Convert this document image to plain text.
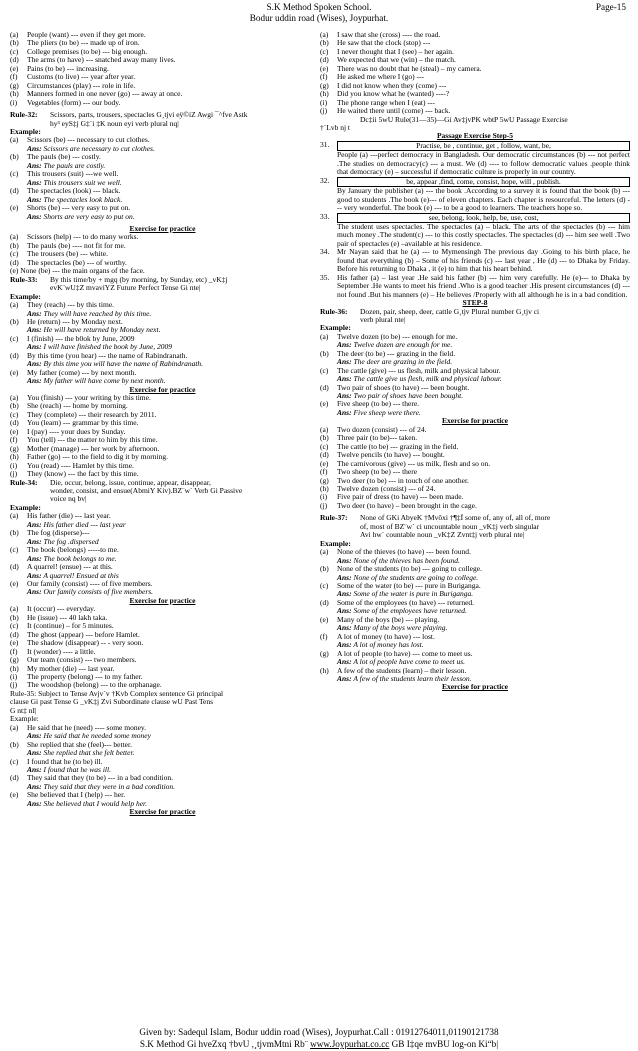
S.K Method Spoken School.
Bodur uddin road (Wises), Joypurhat.
Page-15
(a)	People (want) --- even if they get more.
(b)	The pliers (to be) --- made up of iron.
(c)	College premises (to be) --- big enough.
(d)	The arms (to have) --- snatched away many lives.
(e)	Pains (to be) --- increasing.
(f)	Customs (to live) --- year after year.
(g)	Circumstances (play) --- role in life.
(h)	Manners formed in one never (go) --- away at once.
(i)	Vegetables (form) --- our body.
Rule-32:	Scissors, parts, trousers, spectacles G¸tjvi eÿ©iZ Awgi ¯^fve Astk
hy³ eyS‡j G‡`i ‡K noun eyi verb plural nq|
Example:
(a)	Scissors (be) --- necessary to cut clothes.
Ans: Scissors are necessary to cut clothes.
(b)	The pauls (be) --- costly.
Ans: The pauls are costly.
(c)	This trousers (suit) ---we well.
Ans: This trousers suit we well.
(d)	The spectacles (look) --- black.
Ans: The spectacles look black.
(e)	Shorts (be) --- very easy to put on.
Ans: Shorts are very easy to put on.
Exercise for practice
(a)	Scissors (help) --- to do many works.
(b)	The pauls (be) ---- not fit for me.
(c)	The trousers (be) --- white.
(d)	The spectacles (be) --- of worthy.
(e) None (be) --- the main organs of the face.
Rule-33:	By this time/by + mgq (by morning, by Sunday, etc) _vK‡j
evK¨wU‡Z mvaviYZ Future Perfect Tense Gi nte|
Example:
(a)	They (reach) --- by this time.
Ans: They will have reached by this time.
(b)	He (return) --- by Monday next.
Ans: He will have returned by Monday next.
(c)	I (finish) --- the b0ok by June, 2009
Ans: I will have finished the book by June, 2009
(d)	By this time (you hear) --- the name of Rabindranath.
Ans: By this time you will have the name of Rabindranath.
(e)	My father (come) --- by next month.
Ans: My father will have come by next month.
Exercise for practice
(a)	You (finish) --- your writing by this time.
(b)	She (reach) --- home by morning.
(c)	They (complete) --- their research by 2011.
(d)	You (learn) --- grammar by this time.
(e)	I (pay) ---- your dues by Sunday.
(f)	You (tell) --- the matter to him by this time.
(g)	Mother (manage) --- her work by afternoon.
(h)	Father (go) --- to the field to dig it by morning.
(i)	You (read) ---- Hamlet by this time.
(j)	They (know) --- the fact by this time.
Rule-34:	Die, occur, belong, issue, continue, appear, disappear,
wonder, consist, and ensue(AbmiY Kiv).BZ¨w` Verb Gi Passive
voice nq bv|
Example:
(a)	His father (die) --- last year.
Ans: His father died --- last year
(b)	The fog (disperse)---
Ans: The fog .dispersed
(c)	The book (belongs) -----to me.
Ans: The book belongs to me.
(d)	A quarrel! (ensue) --- at this.
Ans: A quarrel! Ensued at this
(e)	Our family (consist) ---- of five members.
Ans: Our family consists of five members.
Exercise for practice
(a)	It (occur) --- everyday.
(b)	He (issue) --- 40 lakh taka.
(c)	It (continue) – for 5 minutes.
(d)	The ghost (appear) --- before Hamlet.
(e)	The shadow (disappear) -- - very soon.
(f)	It (wonder) ---- a little.
(g)	Our team (consist) --- two members.
(h)	My mother (die) --- last year.
(i)	The property (belong) --- to my father.
(j)	The woodshop (belong) --- to the orphanage.
Rule-35: Subject to Tense Avjv`v †Kvb Complex sentence Gi principal
clause Gi past Tense G _vK‡j Zvi Subordinate clause wU Past Tens
G nt‡ nI|
Example:
(a)	He said that he (need) ---- some money.
Ans: He said that he needed some money
(b)	She replied that she (feel)--- better.
Ans: She replied that she felt better.
(c)	I found that he (to be) ill.
Ans: I found that he was ill.
(d)	They said that they (to be) --- in a bad condition.
Ans: They said that they were in a bad condition.
(e)	She believed that I (help) --- her.
Ans: She believed that I would help her.
Exercise for practice
(a)	I saw that she (cross) ---- the road.
(b)	He saw that the clock (stop) ---
(c)	I never thought that I (see) – her again.
(d)	We expected that we (win) – the match.
(e)	There was no doubt that he (steal) – my camera.
(f)	He asked me where I (go) ---
(g)	I did not know when they (come) ---
(h)	Did you know what he (wanted) ----?
(i)	The phone range when I (eat) ---
(j)	He waited there until (come) --- back.
Dc‡ii 5wU Rule(31—35)—Gi Av‡jvPK wbtP 5wU Passage Exercise
†`Lvb nj t
Passage Exercise Step-5
31.	Practise, be , continue, get , follow, want, be,
People (a) ---perfect democracy in Bangladesh. Our democratic circumstances (b) --- not perfect .The studies on democracy(c) --- a must. We (d) ---- to follow democratic values .people think that democracy (e) – successful if democratic culture is properly in our country.
32.	be, appear ,find, come, consist, hope, will , publish.
By January the publisher (a) --- the book .According to a survey it is found that the book (b) --- good to students .The book (e)--- of eleven chapters. Each chapter is resourceful. The letters (d) --- very wonderful. The book (e) --- to be a good to learners. The teachers hope so.
33.	see, belong, look, help, be, use, cost,
The student uses spectacles. The spectacles (a) – black. The arts of the spectacles (b) --- him much money .The student(c) --- to this costly spectacles. The spectacles (d) --- him see well .Two pair of spectacles (e) –available at his residence.
34.	Mr Nayan said that he (a) --- to Mymensingh The previous day .Going to his birth place, he found that everything (b) – Some of his friends (c) --- last year , He (d) --- to Dhaka by Friday. Before his returning to Dhaka , it (e) to him that his heart behind.
35.	His father (a) – last year .He said his father (b) --- him very carefully. He (e)--- to Dhaka by September .He wants to meet his friend .Who is a good teacher .His present circumstances (d) --- not found .But his manners (e) – He believes /Properly with all although he is in a bad condition.
STEP-8
Rule-36:	Dozen, pair, sheep, deer, cattle G¸tjv Plural number G¸tjv ci
verb plural nte|
Example:
(a)	Twelve dozen (to be) --- enough for me.
Ans: Twelve dozen are enough for me.
(b)	The deer (to be) --- grazing in the field.
Ans: The deer are grazing in the field.
(c)	The cattle (give) --- us flesh, milk and physical labour.
Ans: The cattle give us flesh, milk and physical labour.
(d)	Two pair of shoes (to have) --- been bought.
Ans: Two pair of shoes have been bought.
(e)	Five sheep (to be) --- there.
Ans: Five sheep were there.
Exercise for practice
(a)	Two dozen (consist) --- of 24.
(b)	Three pair (to be)--- taken.
(c)	The cattle (to be) --- grazing in the field.
(d)	Twelve pencils (to have) --- bought.
(e)	The carnivorous (give) --- us milk, flesh and so on.
(f)	Two sheep (to be) --- there
(g)	Two deer (to be) --- in touch of one another.
(h)	Twelve dozen (consist) --- of 24.
(i)	Five pair of dress (to have) --- been made.
(j)	Two deer (to have) – been brought in the cage.
Rule-37:	None of GKi AbyeK †Mvôxi †¶‡Î some of, any of, all of, more
of, most of BZ¨w` ci uncountable noun _vK‡j verb singular
Avi hw` countable noun _vK‡Z Zvnt‡j verb plural nte|
Example:
(a)	None of the thieves (to have) --- been found.
Ans: None of the thieves has been found.
(b)	None of the students (to be) --- going to college.
Ans: None of the students are going to college.
(c)	Some of the water (to be) --- pure in Buriganga.
Ans: Some of the water is pure in Buriganga.
(d)	Some of the employees (to have) --- returned.
Ans: Some of the employees have returned.
(e)	Many of the boys (be) --- playing.
Ans: Many of the boys were playing.
(f)	A lot of money (to have) --- lost.
Ans: A lot of money has lost.
(g)	A lot of people (to have) --- come to meet us.
Ans: A lot of people have come to meet us.
(h)	A few of the students (learn) – their lesson.
Ans: A few of the students learn their lesson.
Exercise for practice
Given by: Sadequl Islam, Bodur uddin road (Wises), Joypurhat.Call : 01912764011,01190121738
S.K Method Gi hveZxq †bvU ,¸tjvmMtni Rb¨ www.Joypurhat.co.cc GB I‡qe mvBU log-on Ki“b|
